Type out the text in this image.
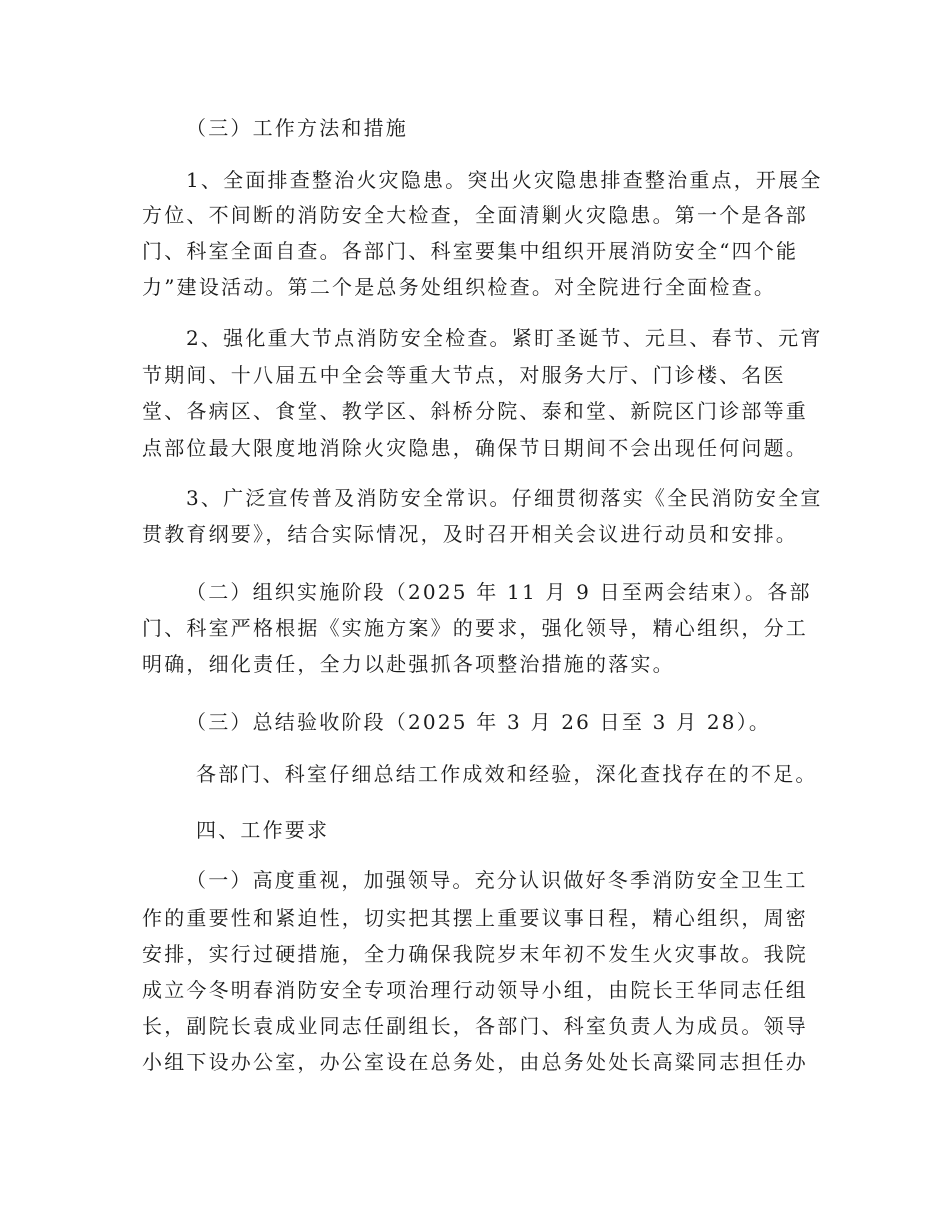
（三）工作方法和措施
1、全面排查整治火灾隐患。突出火灾隐患排查整治重点，开展全
方位、不间断的消防安全大检查，全面清剿火灾隐患。第一个是各部
门、科室全面自查。各部门、科室要集中组织开展消防安全“四个能
力”建设活动。第二个是总务处组织检查。对全院进行全面检查。
2、强化重大节点消防安全检查。紧盯圣诞节、元旦、春节、元宵
节期间、十八届五中全会等重大节点，对服务大厅、门诊楼、名医
堂、各病区、食堂、教学区、斜桥分院、泰和堂、新院区门诊部等重
点部位最大限度地消除火灾隐患，确保节日期间不会出现任何问题。
3、广泛宣传普及消防安全常识。仔细贯彻落实《全民消防安全宣
贯教育纲要》，结合实际情况，及时召开相关会议进行动员和安排。
（二）组织实施阶段（2025 年 11 月 9 日至两会结束）。各部
门、科室严格根据《实施方案》的要求，强化领导，精心组织，分工
明确，细化责任，全力以赴强抓各项整治措施的落实。
（三）总结验收阶段（2025 年 3 月 26 日至 3 月 28）。
各部门、科室仔细总结工作成效和经验，深化查找存在的不足。
四、工作要求
（一）高度重视，加强领导。充分认识做好冬季消防安全卫生工
作的重要性和紧迫性，切实把其摆上重要议事日程，精心组织，周密
安排，实行过硬措施，全力确保我院岁末年初不发生火灾事故。我院
成立今冬明春消防安全专项治理行动领导小组，由院长王华同志任组
长，副院长袁成业同志任副组长，各部门、科室负责人为成员。领导
小组下设办公室，办公室设在总务处，由总务处处长高粱同志担任办
